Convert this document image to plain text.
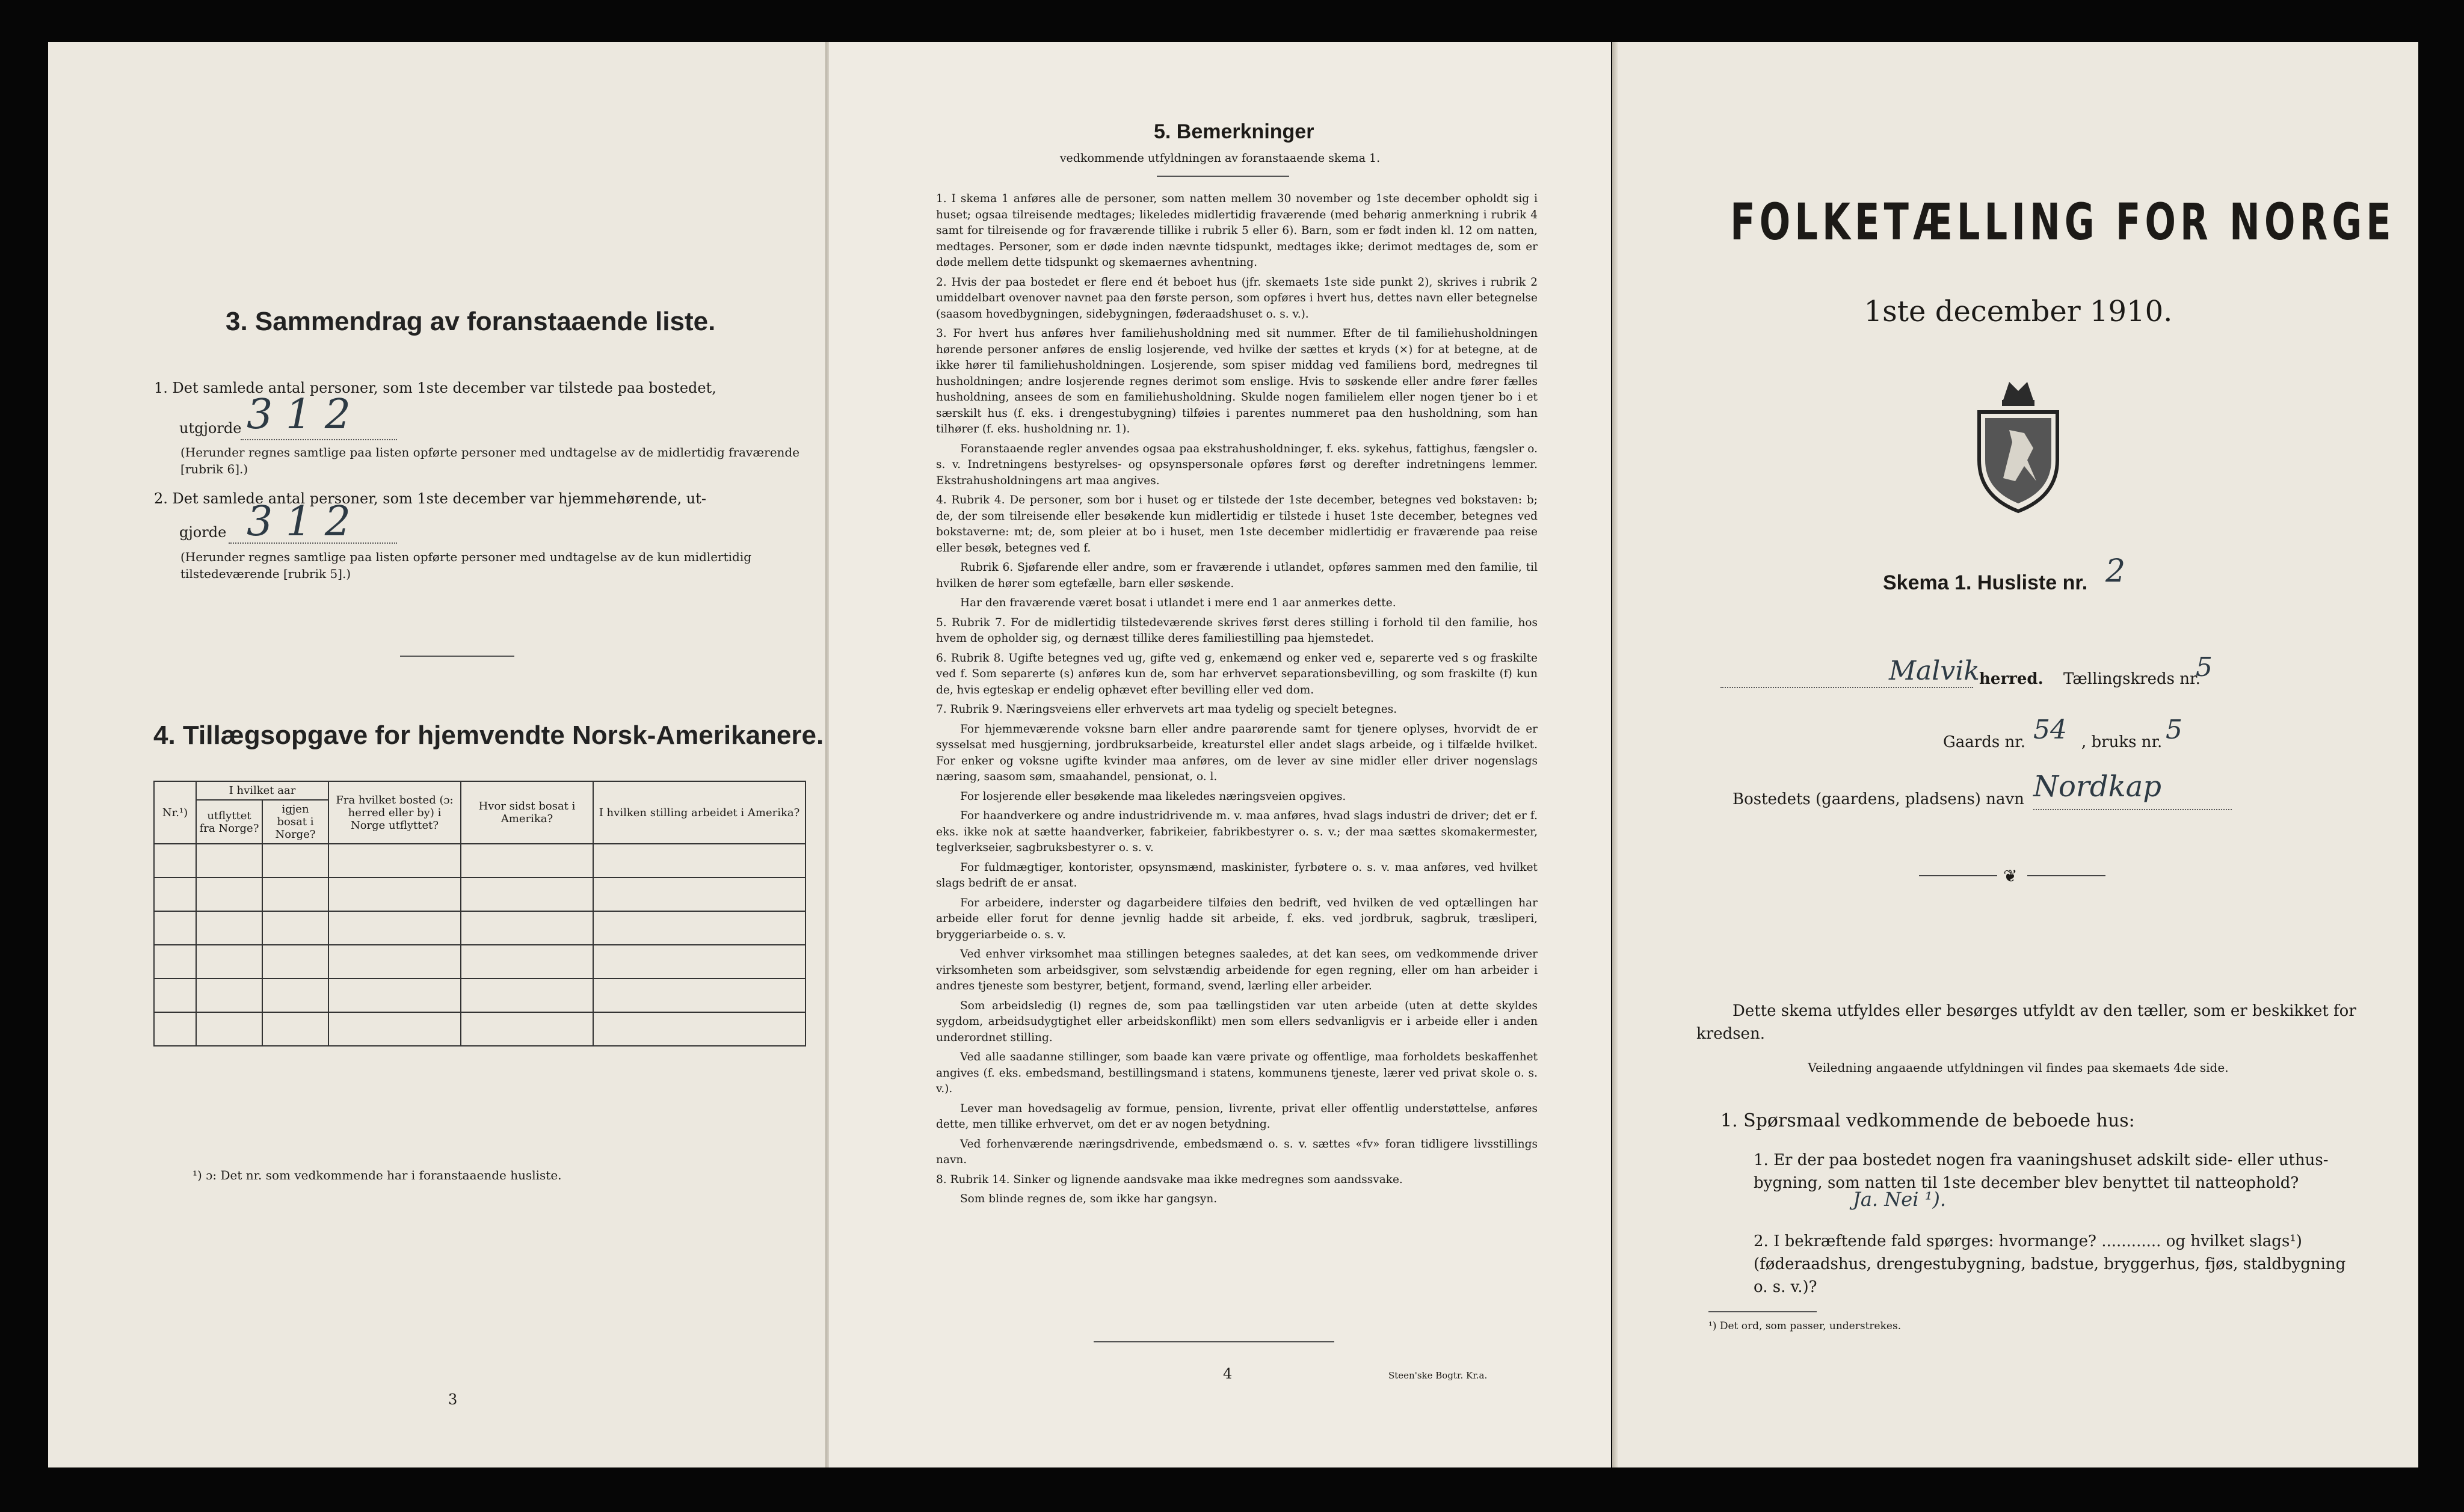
3. Sammendrag av foranstaaende liste.
1. Det samlede antal personer, som 1ste december var tilstede paa bostedet,
utgjorde 3 1 2
(Herunder regnes samtlige paa listen opførte personer med undtagelse av de midlertidig fraværende [rubrik 6].)
2. Det samlede antal personer, som 1ste december var hjemmehørende, ut-
gjorde 3 1 2
(Herunder regnes samtlige paa listen opførte personer med undtagelse av de kun midlertidig tilstedeværende [rubrik 5].)
4. Tillægsopgave for hjemvendte Norsk-Amerikanere.
Nr.¹)	I hvilket aar		Fra hvilket bosted (ɔ: herred eller by) i Norge utflyttet?	Hvor sidst bosat i Amerika?	I hvilken stilling arbeidet i Amerika?
	utflyttet fra Norge?	igjen bosat i Norge?			

¹) ɔ: Det nr. som vedkommende har i foranstaaende husliste.
3
5. Bemerkninger
vedkommende utfyldningen av foranstaaende skema 1.

1. I skema 1 anføres alle de personer, som natten mellem 30 november og 1ste december opholdt sig i huset; ogsaa tilreisende medtages; likeledes midlertidig fraværende (med behørig anmerkning i rubrik 4 samt for tilreisende og for fraværende tillike i rubrik 5 eller 6). Barn, som er født inden kl. 12 om natten, medtages. Personer, som er døde inden nævnte tidspunkt, medtages ikke; derimot medtages de, som er døde mellem dette tidspunkt og skemaernes avhentning.

2. Hvis der paa bostedet er flere end ét beboet hus (jfr. skemaets 1ste side punkt 2), skrives i rubrik 2 umiddelbart ovenover navnet paa den første person, som opføres i hvert hus, dettes navn eller betegnelse (saasom hovedbygningen, sidebygningen, føderaadshuset o. s. v.).

3. For hvert hus anføres hver familiehusholdning med sit nummer. Efter de til familiehusholdningen hørende personer anføres de enslig losjerende, ved hvilke der sættes et kryds (×) for at betegne, at de ikke hører til familiehusholdningen. Losjerende, som spiser middag ved familiens bord, medregnes til husholdningen; andre losjerende regnes derimot som enslige. Hvis to søskende eller andre fører fælles husholdning, ansees de som en familiehusholdning. Skulde nogen familielem eller nogen tjener bo i et særskilt hus (f. eks. i drengestubygning) tilføies i parentes nummeret paa den husholdning, som han tilhører (f. eks. husholdning nr. 1).

Foranstaaende regler anvendes ogsaa paa ekstrahusholdninger, f. eks. sykehus, fattighus, fængsler o. s. v. Indretningens bestyrelses- og opsynspersonale opføres først og derefter indretningens lemmer. Ekstrahusholdningens art maa angives.

4. Rubrik 4. De personer, som bor i huset og er tilstede der 1ste december, betegnes ved bokstaven: b; de, der som tilreisende eller besøkende kun midlertidig er tilstede i huset 1ste december, betegnes ved bokstaverne: mt; de, som pleier at bo i huset, men 1ste december midlertidig er fraværende paa reise eller besøk, betegnes ved f.

Rubrik 6. Sjøfarende eller andre, som er fraværende i utlandet, opføres sammen med den familie, til hvilken de hører som egtefælle, barn eller søskende.

Har den fraværende været bosat i utlandet i mere end 1 aar anmerkes dette.

5. Rubrik 7. For de midlertidig tilstedeværende skrives først deres stilling i forhold til den familie, hos hvem de opholder sig, og dernæst tillike deres familiestilling paa hjemstedet.

6. Rubrik 8. Ugifte betegnes ved ug, gifte ved g, enkemænd og enker ved e, separerte ved s og fraskilte ved f. Som separerte (s) anføres kun de, som har erhvervet separationsbevilling, og som fraskilte (f) kun de, hvis egteskap er endelig ophævet efter bevilling eller ved dom.

7. Rubrik 9. Næringsveiens eller erhvervets art maa tydelig og specielt betegnes.

For hjemmeværende voksne barn eller andre paarørende samt for tjenere oplyses, hvorvidt de er sysselsat med husgjerning, jordbruksarbeide, kreaturstel eller andet slags arbeide, og i tilfælde hvilket. For enker og voksne ugifte kvinder maa anføres, om de lever av sine midler eller driver nogenslags næring, saasom søm, smaahandel, pensionat, o. l.

For losjerende eller besøkende maa likeledes næringsveien opgives.

For haandverkere og andre industridrivende m. v. maa anføres, hvad slags industri de driver; det er f. eks. ikke nok at sætte haandverker, fabrikeier, fabrikbestyrer o. s. v.; der maa sættes skomakermester, teglverkseier, sagbruksbestyrer o. s. v.

For fuldmægtiger, kontorister, opsynsmænd, maskinister, fyrbøtere o. s. v. maa anføres, ved hvilket slags bedrift de er ansat.

For arbeidere, inderster og dagarbeidere tilføies den bedrift, ved hvilken de ved optællingen har arbeide eller forut for denne jevnlig hadde sit arbeide, f. eks. ved jordbruk, sagbruk, træsliperi, bryggeriarbeide o. s. v.

Ved enhver virksomhet maa stillingen betegnes saaledes, at det kan sees, om vedkommende driver virksomheten som arbeidsgiver, som selvstændig arbeidende for egen regning, eller om han arbeider i andres tjeneste som bestyrer, betjent, formand, svend, lærling eller arbeider.

Som arbeidsledig (l) regnes de, som paa tællingstiden var uten arbeide (uten at dette skyldes sygdom, arbeidsudygtighet eller arbeidskonflikt) men som ellers sedvanligvis er i arbeide eller i anden underordnet stilling.

Ved alle saadanne stillinger, som baade kan være private og offentlige, maa forholdets beskaffenhet angives (f. eks. embedsmand, bestillingsmand i statens, kommunens tjeneste, lærer ved privat skole o. s. v.).

Lever man hovedsagelig av formue, pension, livrente, privat eller offentlig understøttelse, anføres dette, men tillike erhvervet, om det er av nogen betydning.

Ved forhenværende næringsdrivende, embedsmænd o. s. v. sættes «fv» foran tidligere livsstillings navn.

8. Rubrik 14. Sinker og lignende aandsvake maa ikke medregnes som aandssvake.

Som blinde regnes de, som ikke har gangsyn.

4	Steen'ske Bogtr. Kr.a.
FOLKETÆLLING FOR NORGE
1ste december 1910.
Skema 1. Husliste nr. 2
Malvik herred. Tællingskreds nr.
5
Gaards nr. 54 , bruks nr. 5
Bostedets (gaardens, pladsens) navn Nordkap
❦
Dette skema utfyldes eller besørges utfyldt av den tæller, som er beskikket for kredsen.
Veiledning angaaende utfyldningen vil findes paa skemaets 4de side.
1. Spørsmaal vedkommende de beboede hus:
1. Er der paa bostedet nogen fra vaaningshuset adskilt side- eller uthus-bygning, som natten til 1ste december blev benyttet til natteophold?
Ja. Nei ¹).
2. I bekræftende fald spørges: hvormange? ............ og hvilket slags¹) (føderaadshus, drengestubygning, badstue, bryggerhus, fjøs, staldbygning o. s. v.)?
¹) Det ord, som passer, understrekes.
